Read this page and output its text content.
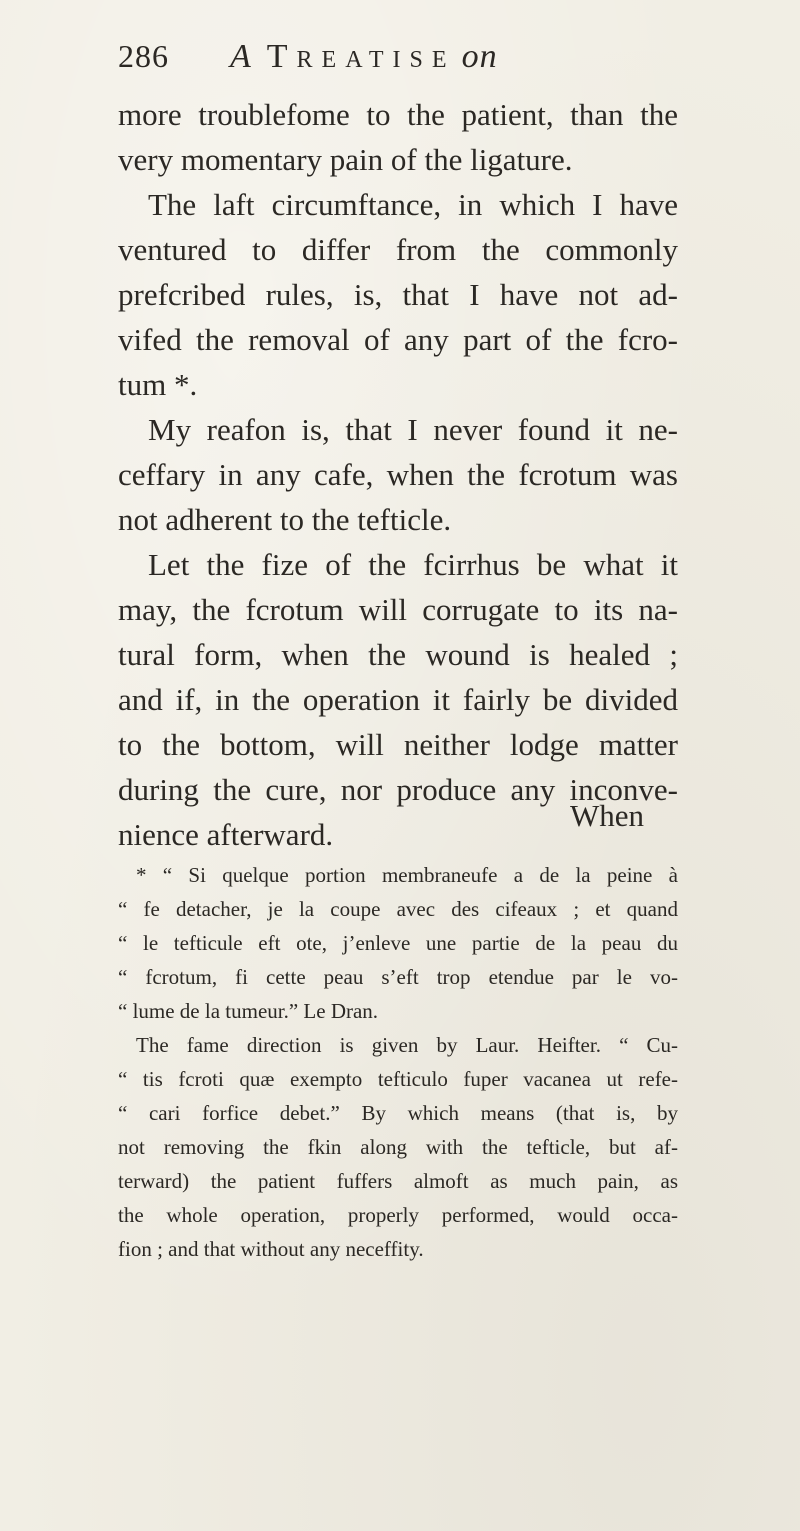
286 A Treatise on
more troublefome to the patient, than the
very momentary pain of the ligature.
The laft circumftance, in which I have
ventured to differ from the commonly
prefcribed rules, is, that I have not ad-
vifed the removal of any part of the fcro-
tum *.
My reafon is, that I never found it ne-
ceffary in any cafe, when the fcrotum was
not adherent to the tefticle.
Let the fize of the fcirrhus be what it
may, the fcrotum will corrugate to its na-
tural form, when the wound is healed ;
and if, in the operation it fairly be divided
to the bottom, will neither lodge matter
during the cure, nor produce any inconve-
nience afterward.
When
* “ Si quelque portion membraneufe a de la peine à
“ fe detacher, je la coupe avec des cifeaux ; et quand
“ le tefticule eft ote, j’enleve une partie de la peau du
“ fcrotum, fi cette peau s’eft trop etendue par le vo-
“ lume de la tumeur.” Le Dran.
The fame direction is given by Laur. Heifter. “ Cu-
“ tis fcroti quæ exempto tefticulo fuper vacanea ut refe-
“ cari forfice debet.” By which means (that is, by
not removing the fkin along with the tefticle, but af-
terward) the patient fuffers almoft as much pain, as
the whole operation, properly performed, would occa-
fion ; and that without any neceffity.
